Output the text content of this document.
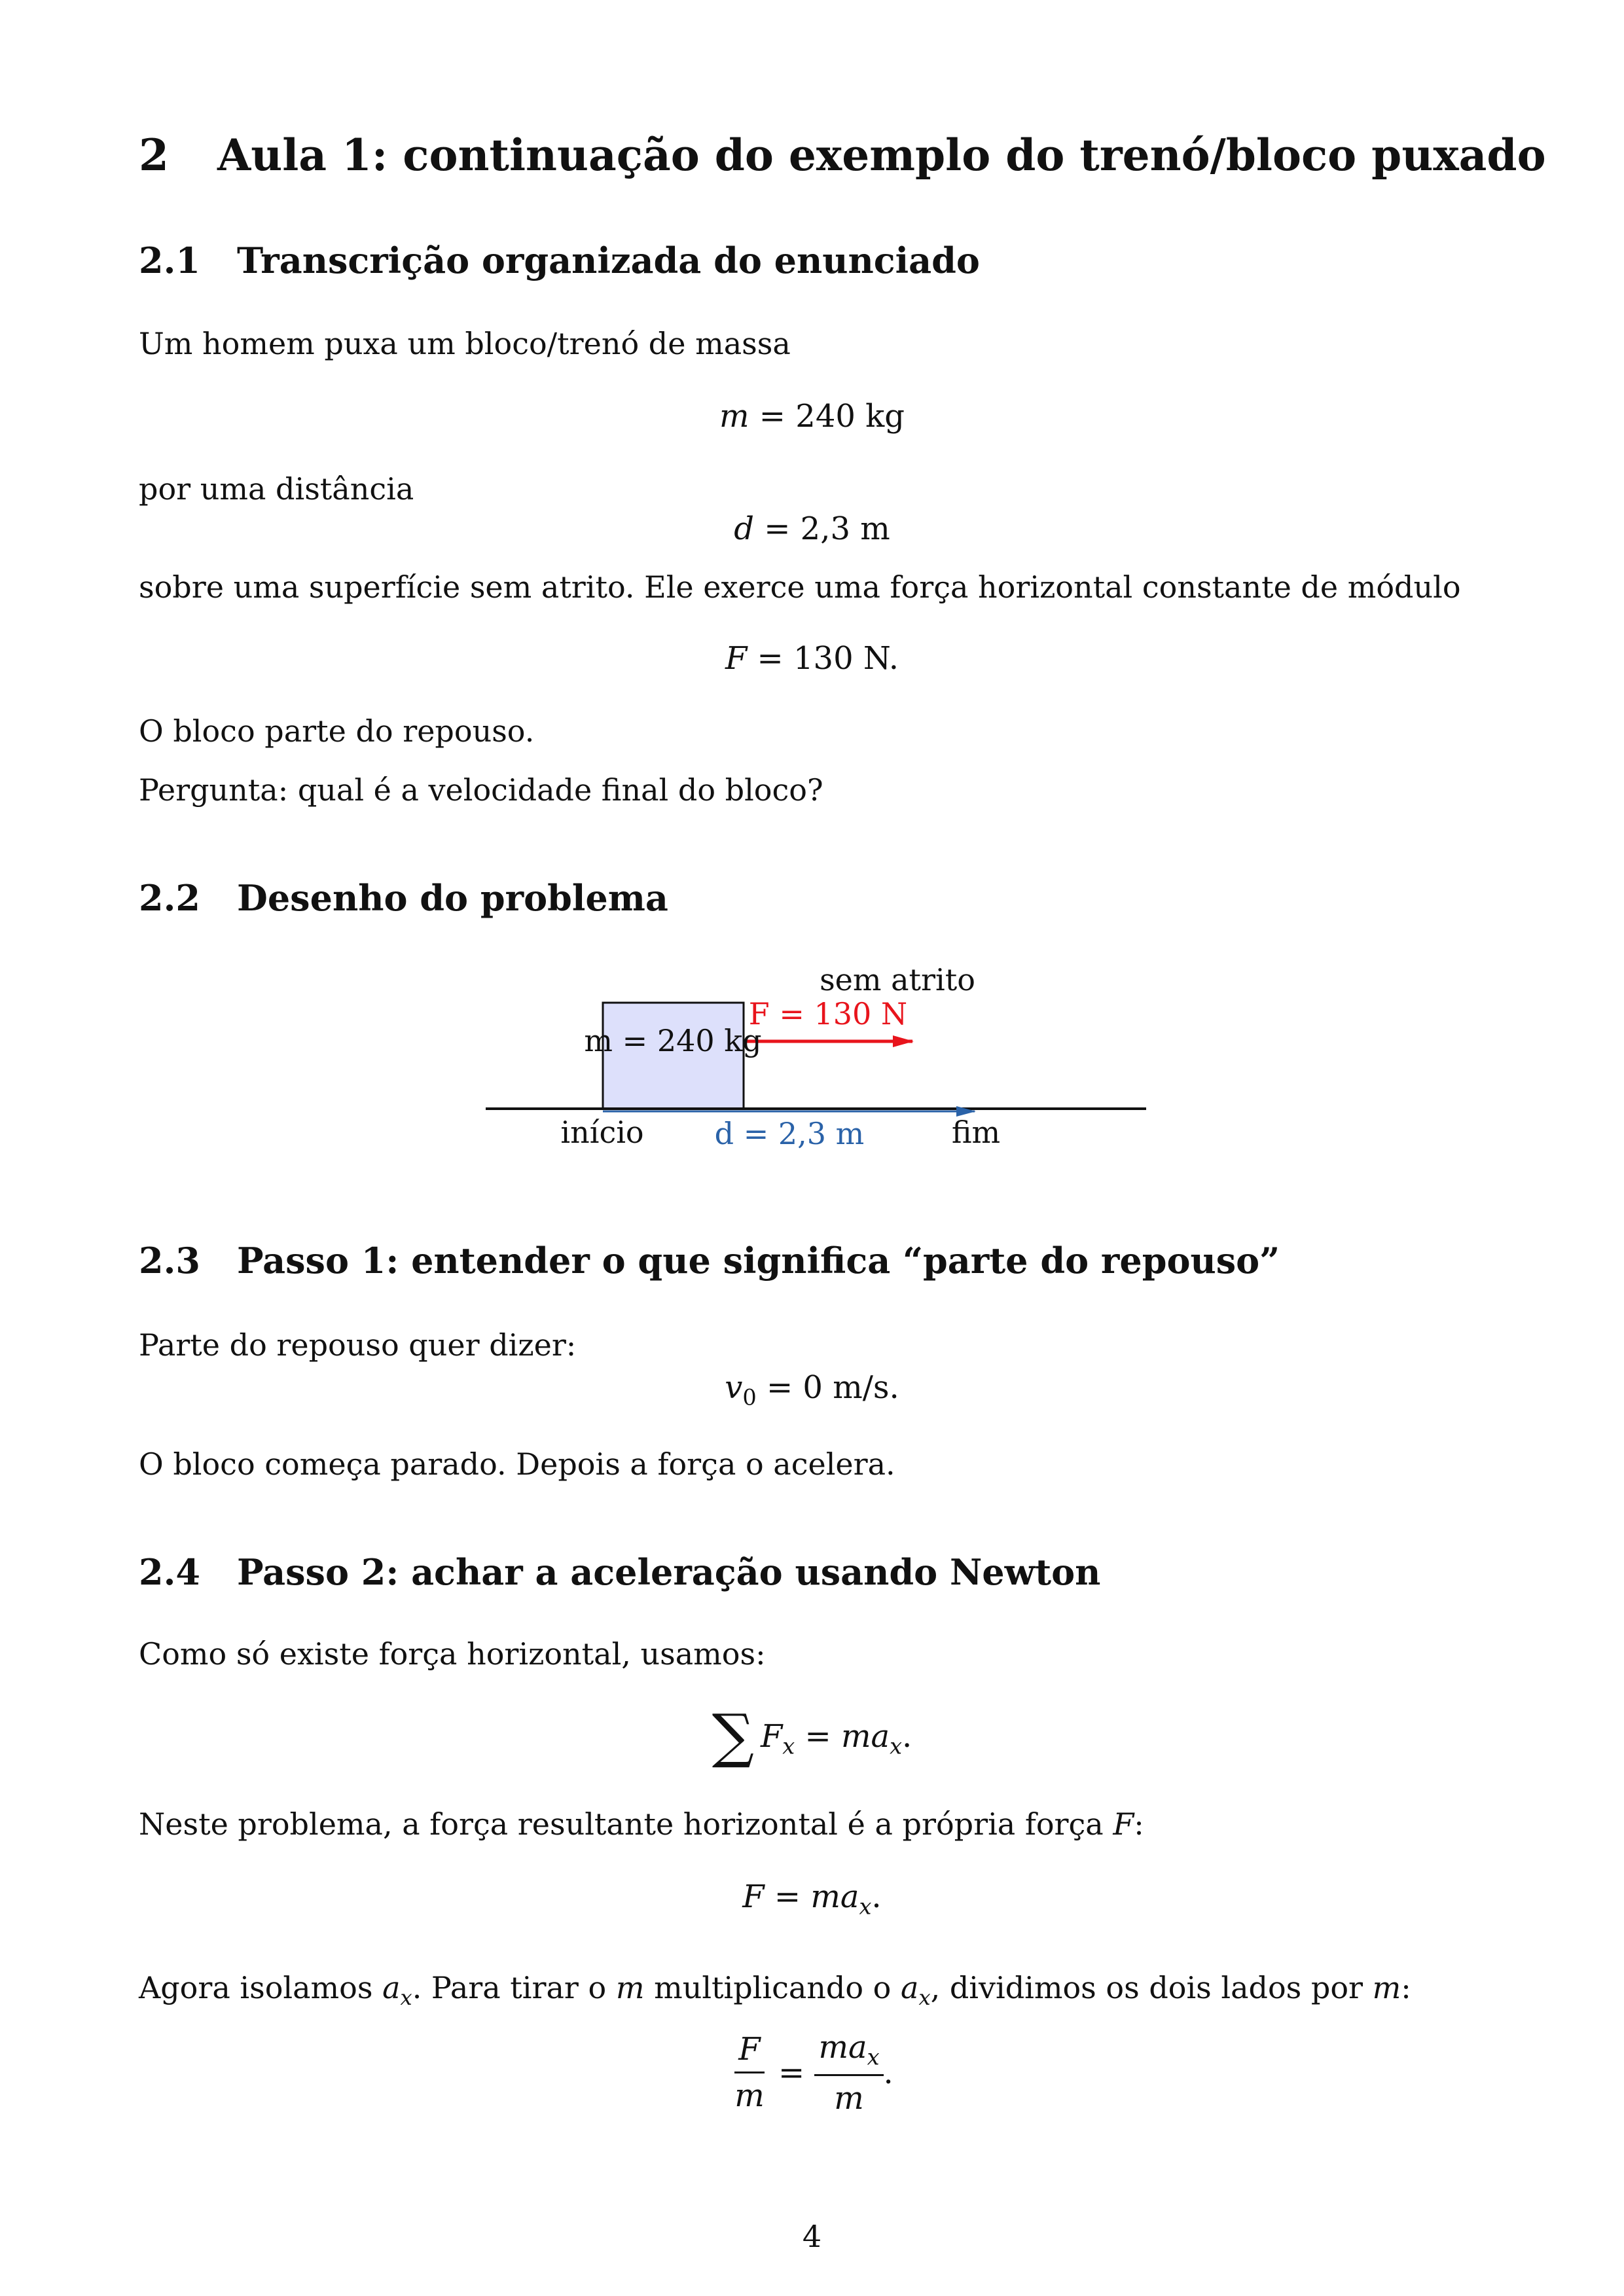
2 Aula 1: continuação do exemplo do trenó/bloco puxado
2.1 Transcrição organizada do enunciado
Um homem puxa um bloco/trenó de massa
m = 240 kg
por uma distância
d = 2,3 m
sobre uma superfície sem atrito. Ele exerce uma força horizontal constante de módulo
F = 130 N.
O bloco parte do repouso.
Pergunta: qual é a velocidade final do bloco?
2.2 Desenho do problema
sem atrito
F = 130 N
m = 240 kg
início d = 2,3 m	fim
2.3 Passo 1: entender o que significa “parte do repouso”
Parte do repouso quer dizer:
$v_0 = 0$ m/s.
O bloco começa parado. Depois a força o acelera.
2.4 Passo 2: achar a aceleração usando Newton
Como só existe força horizontal, usamos:
∑ $F_x = ma_x$.
Neste problema, a força resultante horizontal é a própria força F:
$F = ma_x$.
Agora isolamos $a_x$. Para tirar o m multiplicando o $a_x$, dividimos os dois lados por m:
$\frac{F}{m} = \frac{ma_x}{m}$ .
4
